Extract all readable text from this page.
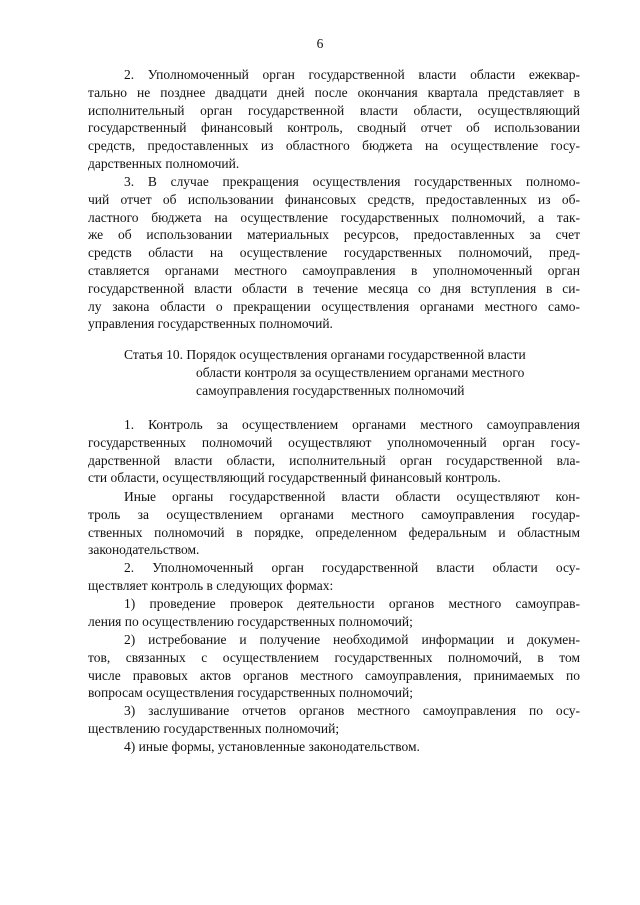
6
2. Уполномоченный орган государственной власти области ежеквар-
тально не позднее двадцати дней после окончания квартала представляет в
исполнительный орган государственной власти области, осуществляющий
государственный финансовый контроль, сводный отчет об использовании
средств, предоставленных из областного бюджета на осуществление госу-
дарственных полномочий.
3. В случае прекращения осуществления государственных полномо-
чий отчет об использовании финансовых средств, предоставленных из об-
ластного бюджета на осуществление государственных полномочий, а так-
же об использовании материальных ресурсов, предоставленных за счет
средств области на осуществление государственных полномочий, пред-
ставляется органами местного самоуправления в уполномоченный орган
государственной власти области в течение месяца со дня вступления в си-
лу закона области о прекращении осуществления органами местного само-
управления государственных полномочий.
Статья 10. Порядок осуществления органами государственной власти
области контроля за осуществлением органами местного
самоуправления государственных полномочий
1. Контроль за осуществлением органами местного самоуправления
государственных полномочий осуществляют уполномоченный орган госу-
дарственной власти области, исполнительный орган государственной вла-
сти области, осуществляющий государственный финансовый контроль.
Иные органы государственной власти области осуществляют кон-
троль за осуществлением органами местного самоуправления государ-
ственных полномочий в порядке, определенном федеральным и областным
законодательством.
2. Уполномоченный орган государственной власти области осу-
ществляет контроль в следующих формах:
1) проведение проверок деятельности органов местного самоуправ-
ления по осуществлению государственных полномочий;
2) истребование и получение необходимой информации и докумен-
тов, связанных с осуществлением государственных полномочий, в том
числе правовых актов органов местного самоуправления, принимаемых по
вопросам осуществления государственных полномочий;
3) заслушивание отчетов органов местного самоуправления по осу-
ществлению государственных полномочий;
4) иные формы, установленные законодательством.
